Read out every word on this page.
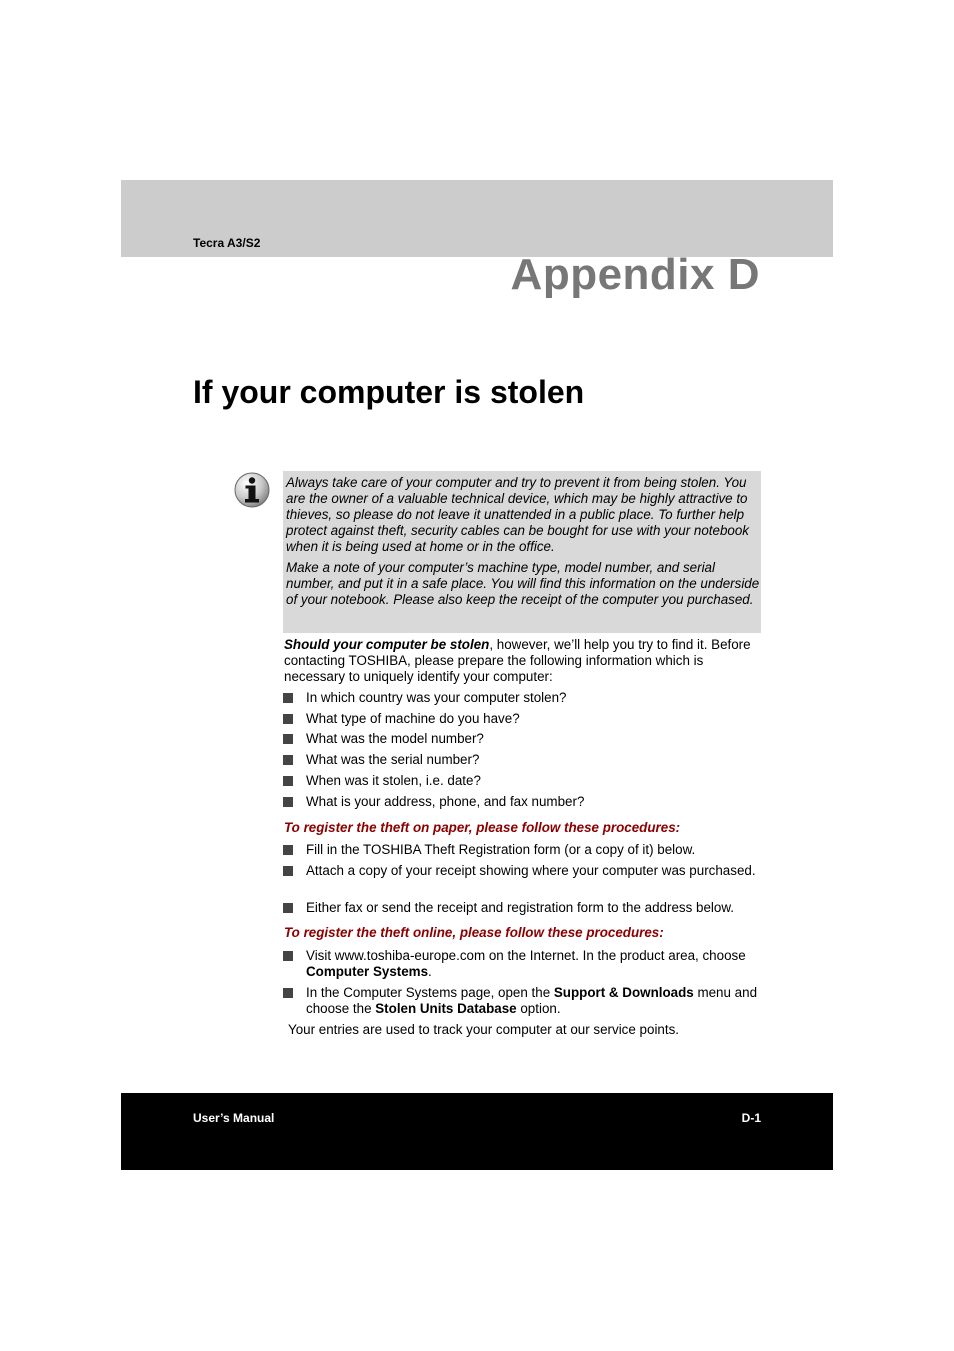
Tecra A3/S2
Appendix D
If your computer is stolen
Always take care of your computer and try to prevent it from being stolen. You are the owner of a valuable technical device, which may be highly attractive to thieves, so please do not leave it unattended in a public place. To further help protect against theft, security cables can be bought for use with your notebook when it is being used at home or in the office.
Make a note of your computer’s machine type, model number, and serial number, and put it in a safe place. You will find this information on the underside of your notebook. Please also keep the receipt of the computer you purchased.
Should your computer be stolen, however, we’ll help you try to find it. Before contacting TOSHIBA, please prepare the following information which is necessary to uniquely identify your computer:
In which country was your computer stolen?
What type of machine do you have?
What was the model number?
What was the serial number?
When was it stolen, i.e. date?
What is your address, phone, and fax number?
To register the theft on paper, please follow these procedures:
Fill in the TOSHIBA Theft Registration form (or a copy of it) below.
Attach a copy of your receipt showing where your computer was purchased.
Either fax or send the receipt and registration form to the address below.
To register the theft online, please follow these procedures:
Visit www.toshiba-europe.com on the Internet. In the product area, choose Computer Systems.
In the Computer Systems page, open the Support & Downloads menu and choose the Stolen Units Database option.
Your entries are used to track your computer at our service points.
User’s Manual	D-1
